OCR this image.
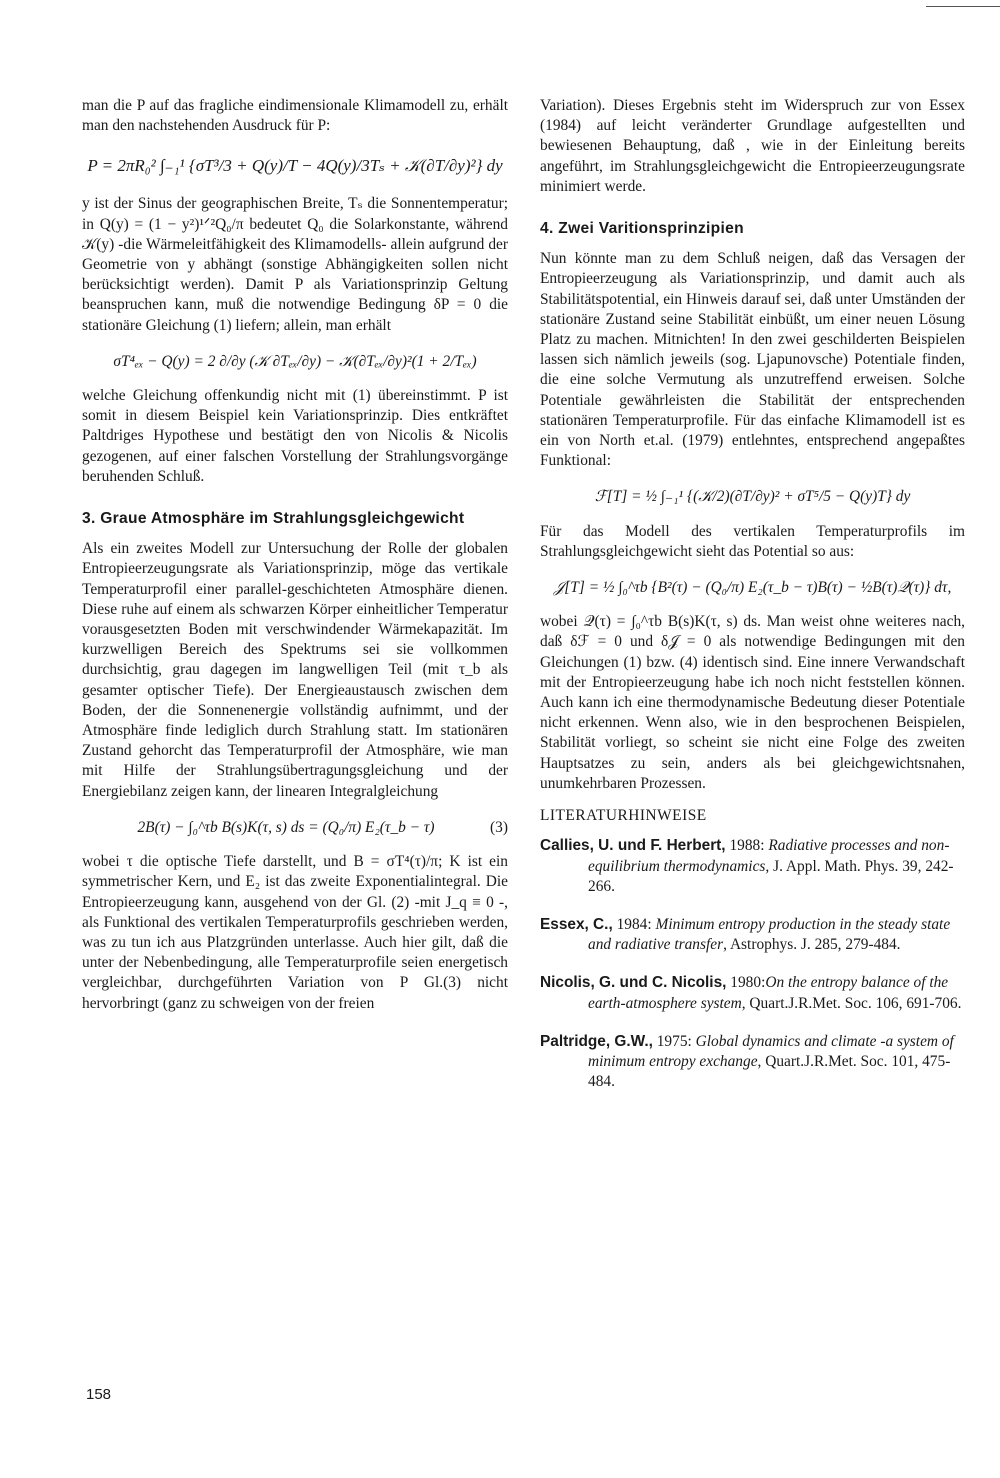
man die P auf das fragliche eindimensionale Klimamodell zu, erhält man den nachstehenden Ausdruck für P:

P = 2πR₀² ∫₋₁¹ {σT³/3 + Q(y)/T − 4Q(y)/3Tₛ + 𝒦(∂T/∂y)²} dy

y ist der Sinus der geographischen Breite, Tₛ die Sonnentemperatur; in Q(y) = (1 − y²)¹ᐟ²Q₀/π bedeutet Q₀ die Solarkonstante, während 𝒦(y) -die Wärmeleitfähigkeit des Klimamodells- allein aufgrund der Geometrie von y abhängt (sonstige Abhängigkeiten sollen nicht berücksichtigt werden). Damit P als Variationsprinzip Geltung beanspruchen kann, muß die notwendige Bedingung δP = 0 die stationäre Gleichung (1) liefern; allein, man erhält

σT⁴ₑₓ − Q(y) = 2 ∂/∂y (𝒦 ∂Tₑₓ/∂y) − 𝒦(∂Tₑₓ/∂y)²(1 + 2/Tₑₓ)

welche Gleichung offenkundig nicht mit (1) übereinstimmt. P ist somit in diesem Beispiel kein Variationsprinzip. Dies entkräftet Paltdriges Hypothese und bestätigt den von Nicolis & Nicolis gezogenen, auf einer falschen Vorstellung der Strahlungsvorgänge beruhenden Schluß.

3. Graue Atmosphäre im Strahlungsgleichgewicht

Als ein zweites Modell zur Untersuchung der Rolle der globalen Entropieerzeugungsrate als Variationsprinzip, möge das vertikale Temperaturprofil einer parallel-geschichteten Atmosphäre dienen. Diese ruhe auf einem als schwarzen Körper einheitlicher Temperatur vorausgesetzten Boden mit verschwindender Wärmekapazität. Im kurzwelligen Bereich des Spektrums sei sie vollkommen durchsichtig, grau dagegen im langwelligen Teil (mit τ_b als gesamter optischer Tiefe). Der Energieaustausch zwischen dem Boden, der die Sonnenenergie vollständig aufnimmt, und der Atmosphäre finde lediglich durch Strahlung statt. Im stationären Zustand gehorcht das Temperaturprofil der Atmosphäre, wie man mit Hilfe der Strahlungsübertragungsgleichung und der Energiebilanz zeigen kann, der linearen Integralgleichung

(3)
2B(τ) − ∫₀^τb B(s)K(τ, s) ds = (Q₀/π) E₂(τ_b − τ)

wobei τ die optische Tiefe darstellt, und B = σT⁴(τ)/π; K ist ein symmetrischer Kern, und E₂ ist das zweite Exponentialintegral. Die Entropieerzeugung kann, ausgehend von der Gl. (2) -mit J_q ≡ 0 -, als Funktional des vertikalen Temperaturprofils geschrieben werden, was zu tun ich aus Platzgründen unterlasse. Auch hier gilt, daß die unter der Nebenbedingung, alle Temperaturprofile seien energetisch vergleichbar, durchgeführten Variation von P Gl.(3) nicht hervorbringt (ganz zu schweigen von der freien

Variation). Dieses Ergebnis steht im Widerspruch zur von Essex (1984) auf leicht veränderter Grundlage aufgestellten und bewiesenen Behauptung, daß , wie in der Einleitung bereits angeführt, im Strahlungsgleichgewicht die Entropieerzeugungsrate minimiert werde.

4. Zwei Varitionsprinzipien

Nun könnte man zu dem Schluß neigen, daß das Versagen der Entropieerzeugung als Variationsprinzip, und damit auch als Stabilitätspotential, ein Hinweis darauf sei, daß unter Umständen der stationäre Zustand seine Stabilität einbüßt, um einer neuen Lösung Platz zu machen. Mitnichten! In den zwei geschilderten Beispielen lassen sich nämlich jeweils (sog. Ljapunovsche) Potentiale finden, die eine solche Vermutung als unzutreffend erweisen. Solche Potentiale gewährleisten die Stabilität der entsprechenden stationären Temperaturprofile. Für das einfache Klimamodell ist es ein von North et.al. (1979) entlehntes, entsprechend angepaßtes Funktional:

ℱ[T] = ½ ∫₋₁¹ {(𝒦/2)(∂T/∂y)² + σT⁵/5 − Q(y)T} dy

Für das Modell des vertikalen Temperaturprofils im Strahlungsgleichgewicht sieht das Potential so aus:

𝒥[T] = ½ ∫₀^τb {B²(τ) − (Q₀/π) E₂(τ_b − τ)B(τ) − ½B(τ)𝒬(τ)} dτ,

wobei 𝒬(τ) = ∫₀^τb B(s)K(τ, s) ds. Man weist ohne weiteres nach, daß δℱ = 0 und δ𝒥 = 0 als notwendige Bedingungen mit den Gleichungen (1) bzw. (4) identisch sind. Eine innere Verwandschaft mit der Entropieerzeugung habe ich noch nicht feststellen können. Auch kann ich eine thermodynamische Bedeutung dieser Potentiale nicht erkennen. Wenn also, wie in den besprochenen Beispielen, Stabilität vorliegt, so scheint sie nicht eine Folge des zweiten Hauptsatzes zu sein, anders als bei gleichgewichtsnahen, unumkehrbaren Prozessen.

LITERATURHINWEISE

Callies, U. und F. Herbert, 1988: Radiative processes and non-equilibrium thermodynamics, J. Appl. Math. Phys. 39, 242-266.

Essex, C., 1984: Minimum entropy production in the steady state and radiative transfer, Astrophys. J. 285, 279-484.

Nicolis, G. und C. Nicolis, 1980:On the entropy balance of the earth-atmosphere system, Quart.J.R.Met. Soc. 106, 691-706.

Paltridge, G.W., 1975: Global dynamics and climate -a system of minimum entropy exchange, Quart.J.R.Met. Soc. 101, 475-484.

158
